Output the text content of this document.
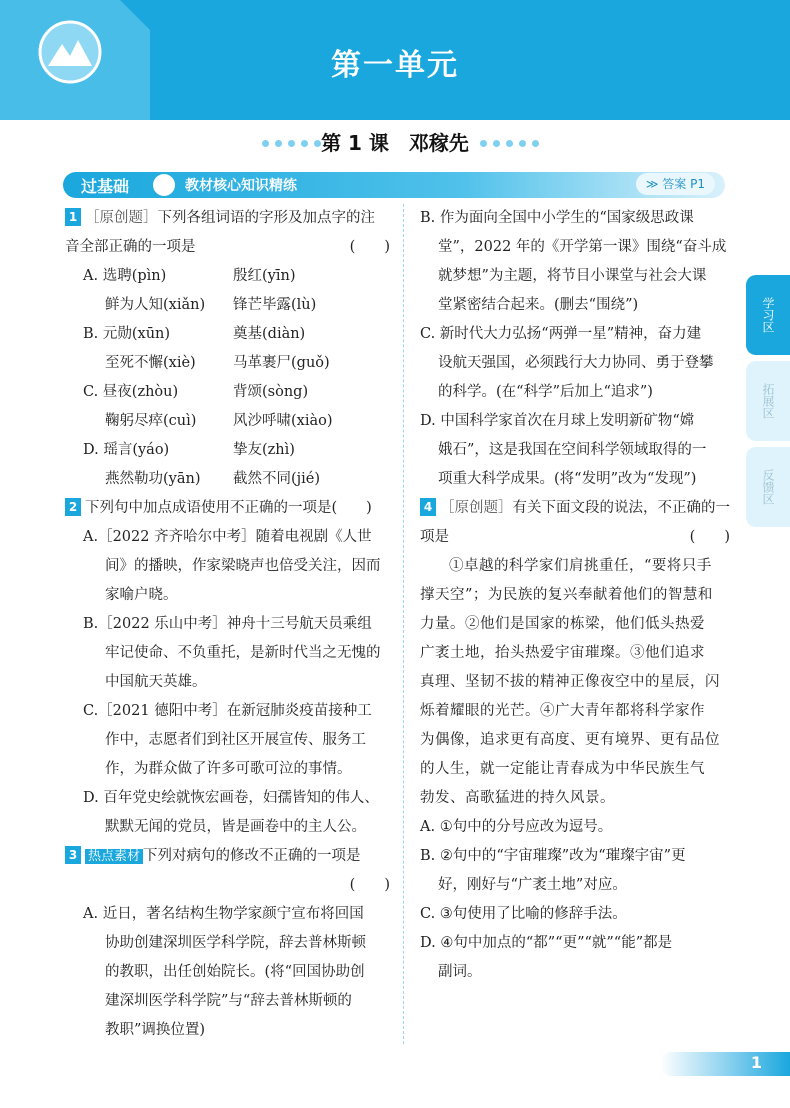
第一单元
第 1 课　邓稼先
过基础	教材核心知识精练	≫ 答案 P1
1 ［原创题］下列各组词语的字形及加点字的注
音全部正确的一项是	(　　)
A. 选聘(pìn)	殷红(yīn)
鲜为人知(xiǎn)	锋芒毕露(lù)
B. 元勋(xūn)	奠基(diàn)
至死不懈(xiè)	马革裹尸(guǒ)
C. 昼夜(zhòu)	背颂(sòng)
鞠躬尽瘁(cuì)	风沙呼啸(xiào)
D. 瑶言(yáo)	挚友(zhì)
燕然勒功(yān)	截然不同(jié)
2 下列句中加点成语使用不正确的一项是(　　)
A.［2022 齐齐哈尔中考］随着电视剧《人世
间》的播映，作家梁晓声也倍受关注，因而
家喻户晓。
B.［2022 乐山中考］神舟十三号航天员乘组
牢记使命、不负重托，是新时代当之无愧的
中国航天英雄。
C.［2021 德阳中考］在新冠肺炎疫苗接种工
作中，志愿者们到社区开展宣传、服务工
作，为群众做了许多可歌可泣的事情。
D. 百年党史绘就恢宏画卷，妇孺皆知的伟人、
默默无闻的党员，皆是画卷中的主人公。
3 热点素材 下列对病句的修改不正确的一项是
(　　)
A. 近日，著名结构生物学家颜宁宣布将回国
协助创建深圳医学科学院，辞去普林斯顿
的教职，出任创始院长。(将“回国协助创
建深圳医学科学院”与“辞去普林斯顿的
教职”调换位置)
B. 作为面向全国中小学生的“国家级思政课
堂”，2022 年的《开学第一课》围绕“奋斗成
就梦想”为主题，将节目小课堂与社会大课
堂紧密结合起来。(删去“围绕”)
C. 新时代大力弘扬“两弹一星”精神，奋力建
设航天强国，必须践行大力协同、勇于登攀
的科学。(在“科学”后加上“追求”)
D. 中国科学家首次在月球上发明新矿物“嫦
娥石”，这是我国在空间科学领域取得的一
项重大科学成果。(将“发明”改为“发现”)
4 ［原创题］有关下面文段的说法，不正确的一
项是	(　　)
①卓越的科学家们肩挑重任，“要将只手
撑天空”；为民族的复兴奉献着他们的智慧和
力量。②他们是国家的栋梁，他们低头热爱
广袤土地，抬头热爱宇宙璀璨。③他们追求
真理、坚韧不拔的精神正像夜空中的星辰，闪
烁着耀眼的光芒。④广大青年都将科学家作
为偶像，追求更有高度、更有境界、更有品位
的人生，就一定能让青春成为中华民族生气
勃发、高歌猛进的持久风景。
A. ①句中的分号应改为逗号。
B. ②句中的“宇宙璀璨”改为“璀璨宇宙”更
好，刚好与“广袤土地”对应。
C. ③句使用了比喻的修辞手法。
D. ④句中加点的“都”“更”“就”“能”都是
副词。
学习区
拓展区
反馈区
1
